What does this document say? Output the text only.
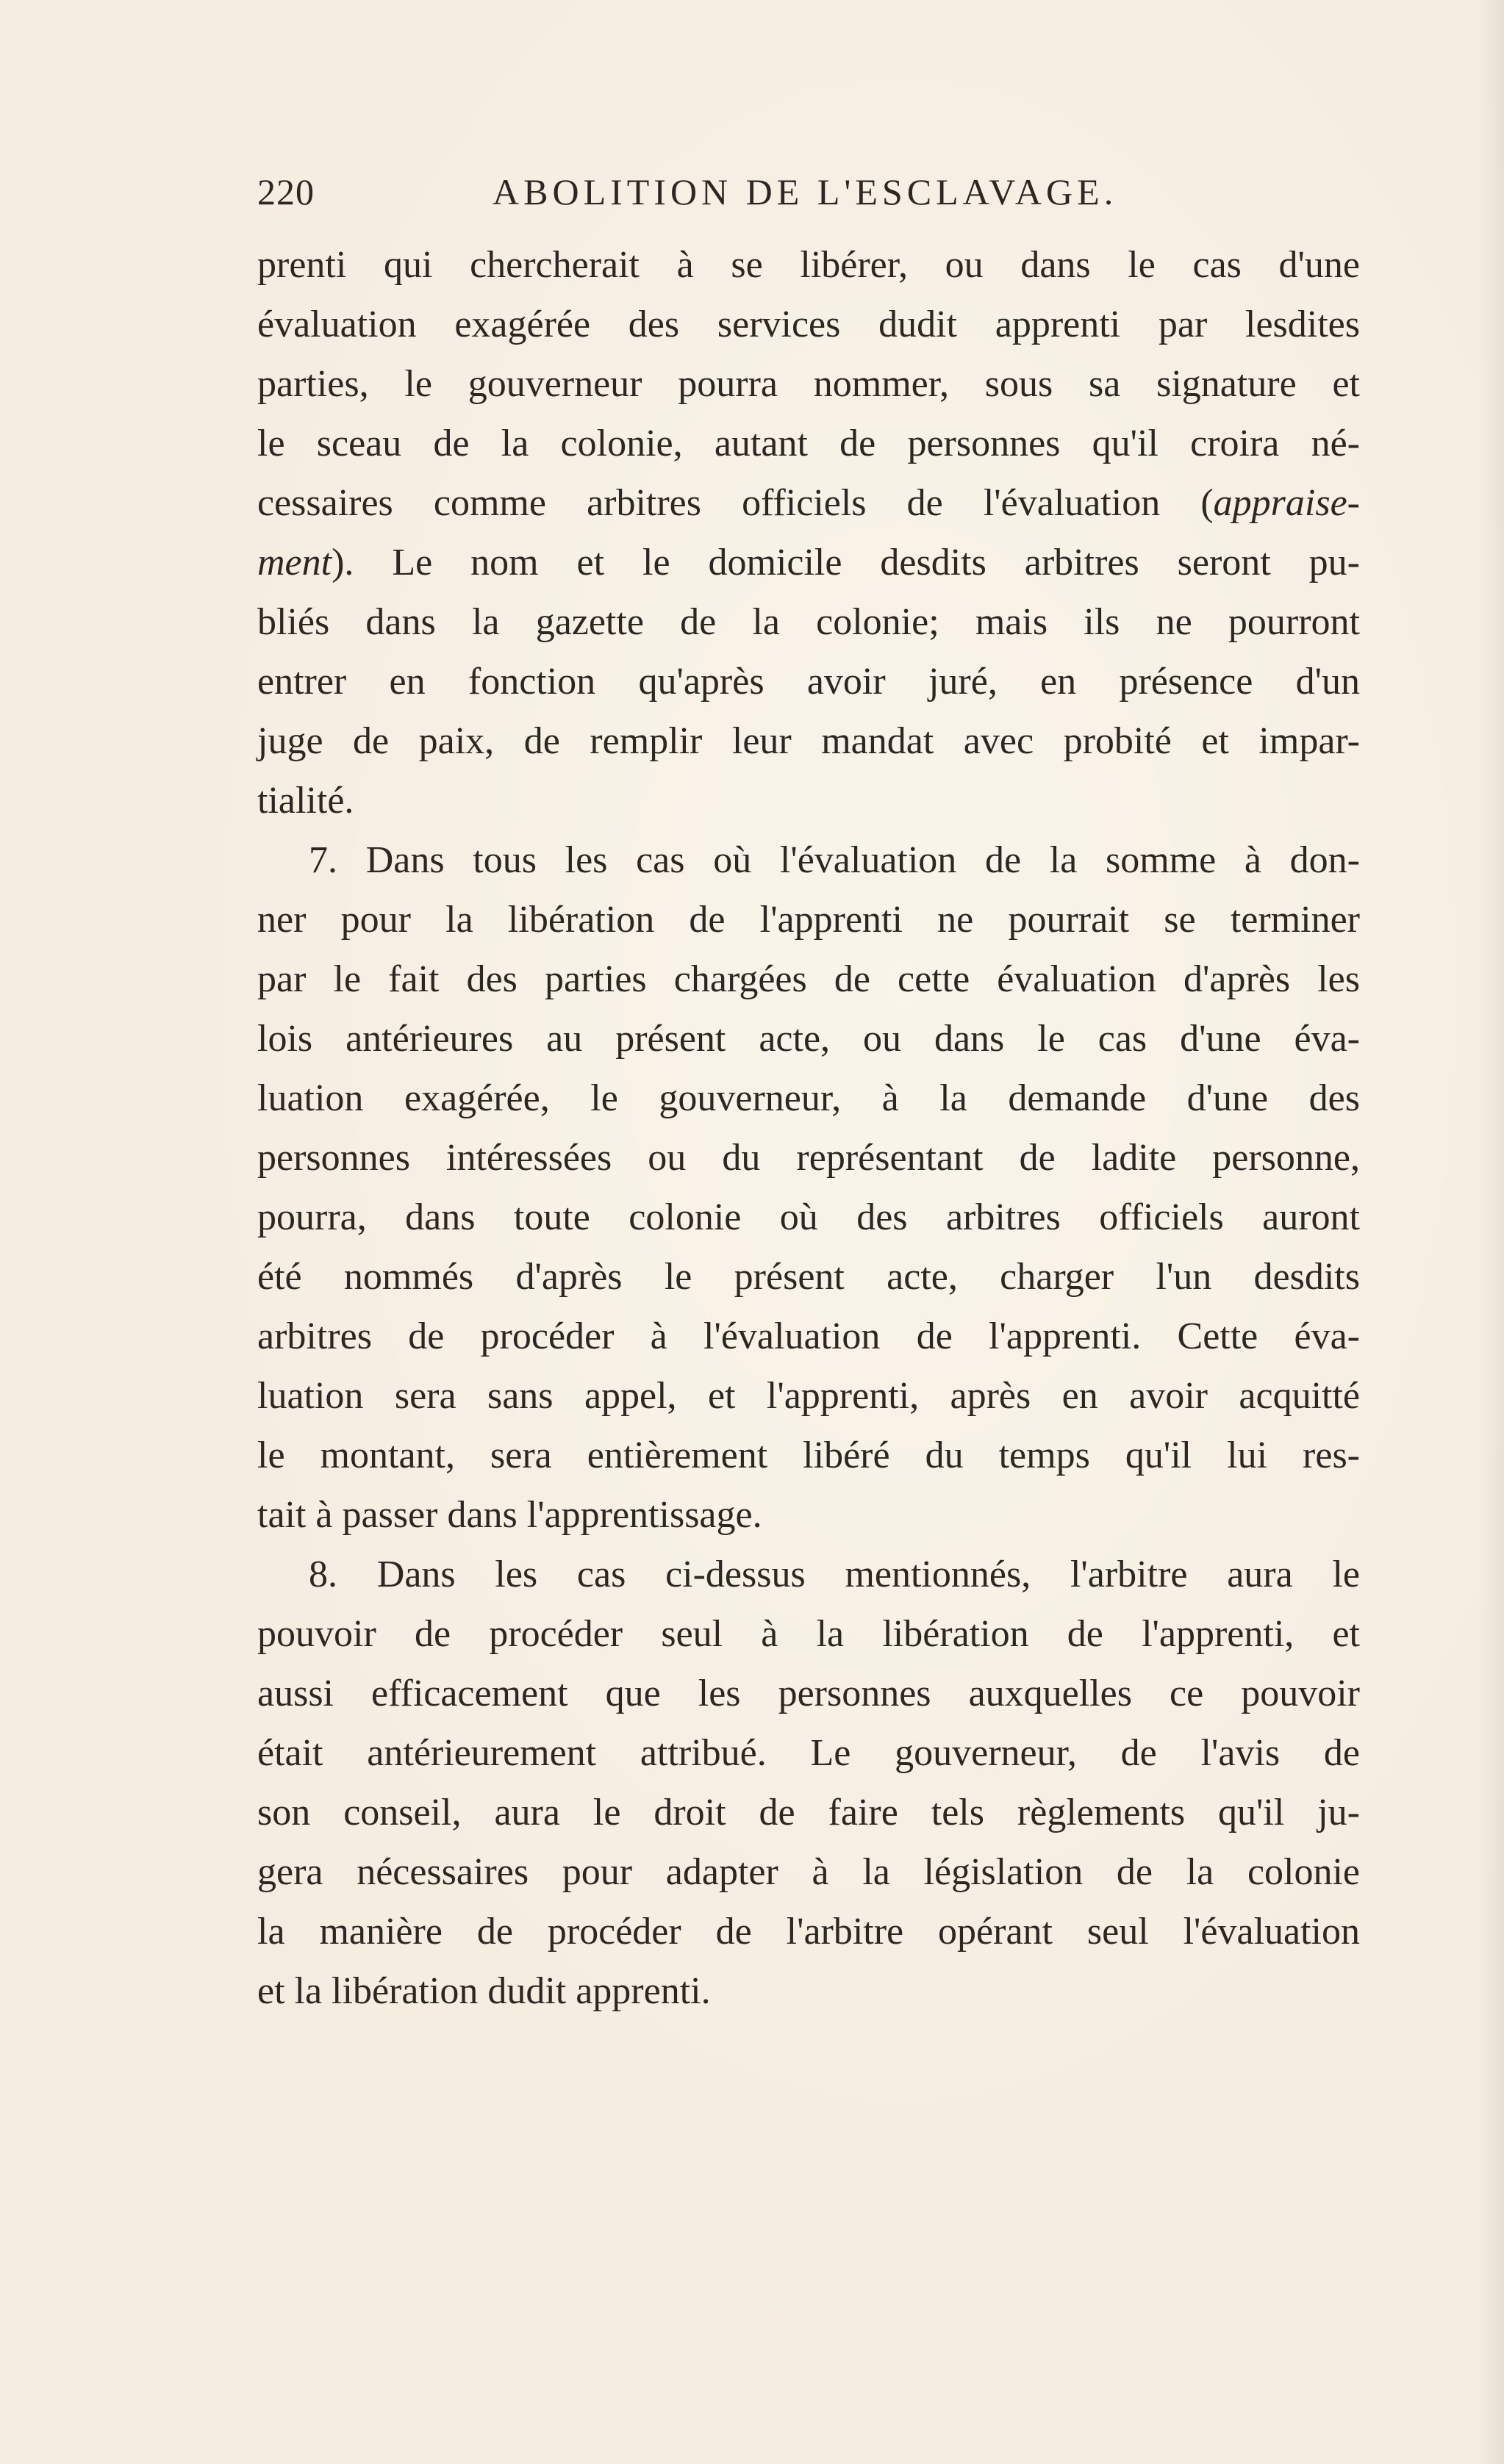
220	ABOLITION DE L'ESCLAVAGE.
prenti qui chercherait à se libérer, ou dans le cas d'une
évaluation exagérée des services dudit apprenti par lesdites
parties, le gouverneur pourra nommer, sous sa signature et
le sceau de la colonie, autant de personnes qu'il croira né-
cessaires comme arbitres officiels de l'évaluation (appraise-
ment). Le nom et le domicile desdits arbitres seront pu-
bliés dans la gazette de la colonie; mais ils ne pourront
entrer en fonction qu'après avoir juré, en présence d'un
juge de paix, de remplir leur mandat avec probité et impar-
tialité.
7. Dans tous les cas où l'évaluation de la somme à don-
ner pour la libération de l'apprenti ne pourrait se terminer
par le fait des parties chargées de cette évaluation d'après les
lois antérieures au présent acte, ou dans le cas d'une éva-
luation exagérée, le gouverneur, à la demande d'une des
personnes intéressées ou du représentant de ladite personne,
pourra, dans toute colonie où des arbitres officiels auront
été nommés d'après le présent acte, charger l'un desdits
arbitres de procéder à l'évaluation de l'apprenti. Cette éva-
luation sera sans appel, et l'apprenti, après en avoir acquitté
le montant, sera entièrement libéré du temps qu'il lui res-
tait à passer dans l'apprentissage.
8. Dans les cas ci-dessus mentionnés, l'arbitre aura le
pouvoir de procéder seul à la libération de l'apprenti, et
aussi efficacement que les personnes auxquelles ce pouvoir
était antérieurement attribué. Le gouverneur, de l'avis de
son conseil, aura le droit de faire tels règlements qu'il ju-
gera nécessaires pour adapter à la législation de la colonie
la manière de procéder de l'arbitre opérant seul l'évaluation
et la libération dudit apprenti.
